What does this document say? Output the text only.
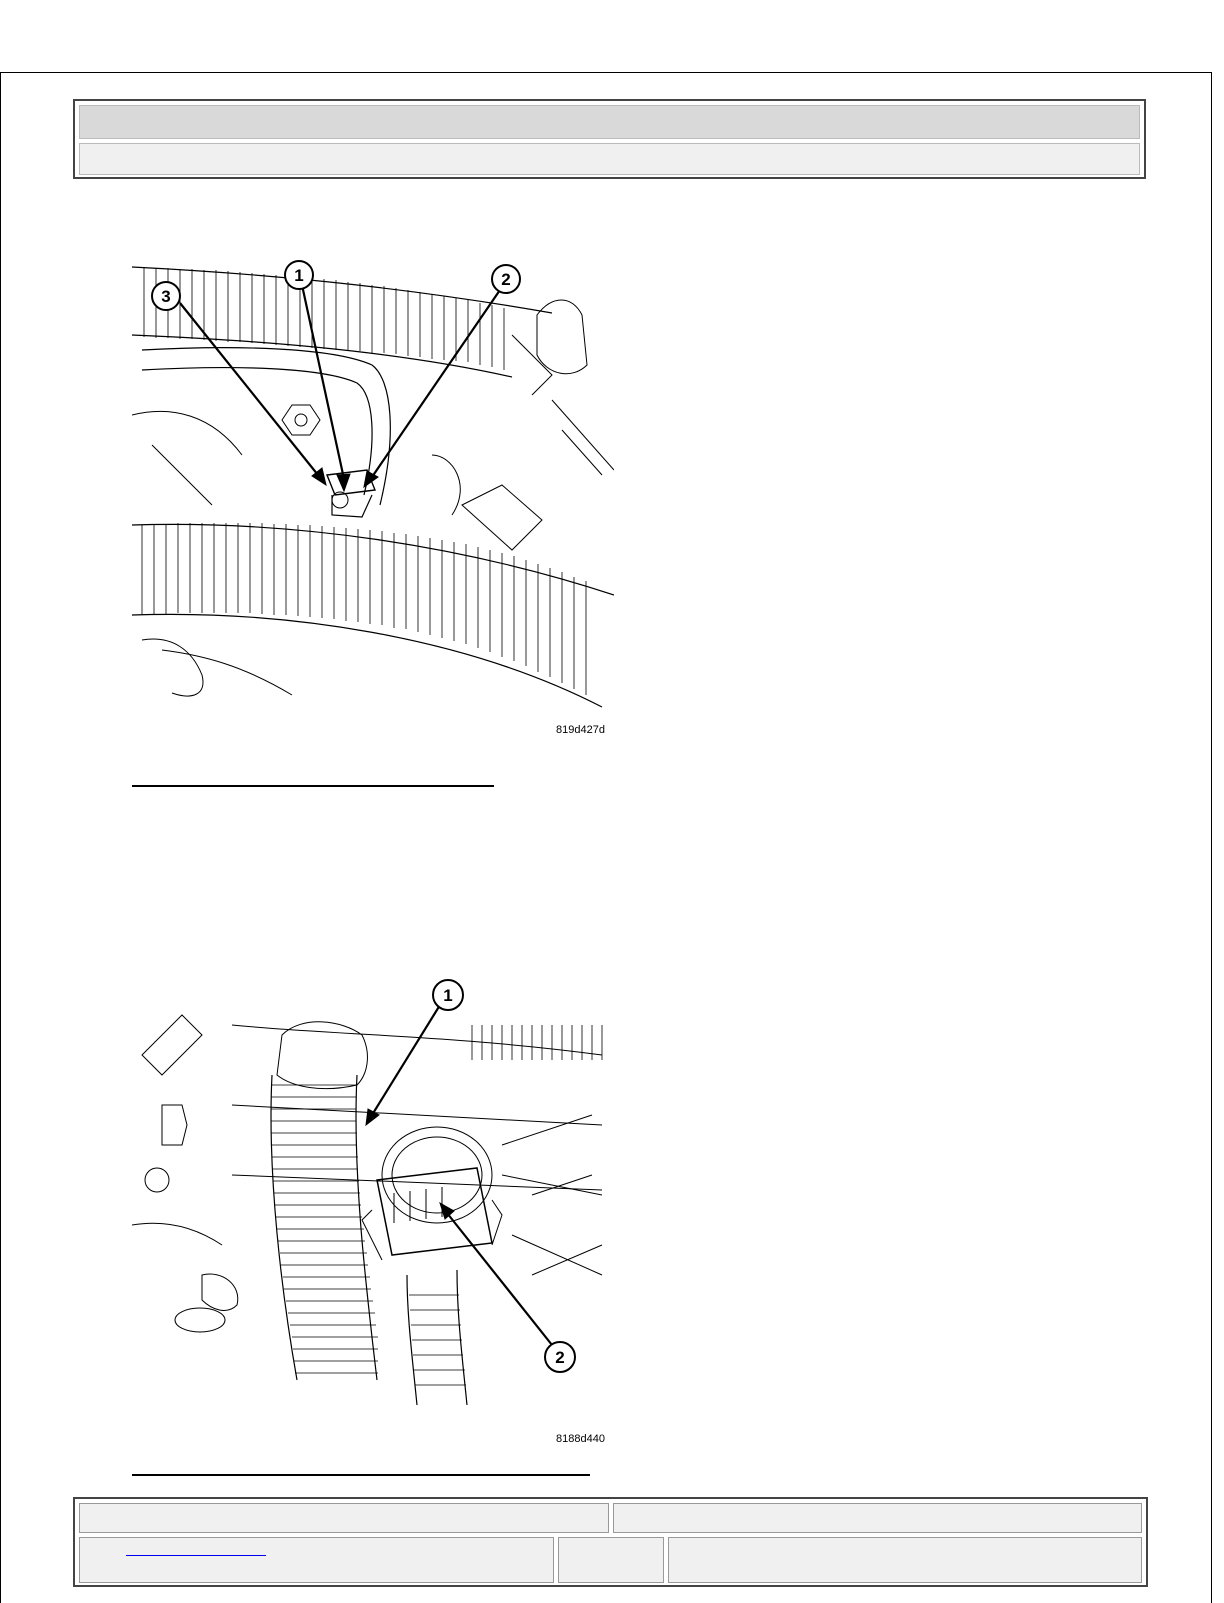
1	2
3
819d427d
1
2
8188d440
